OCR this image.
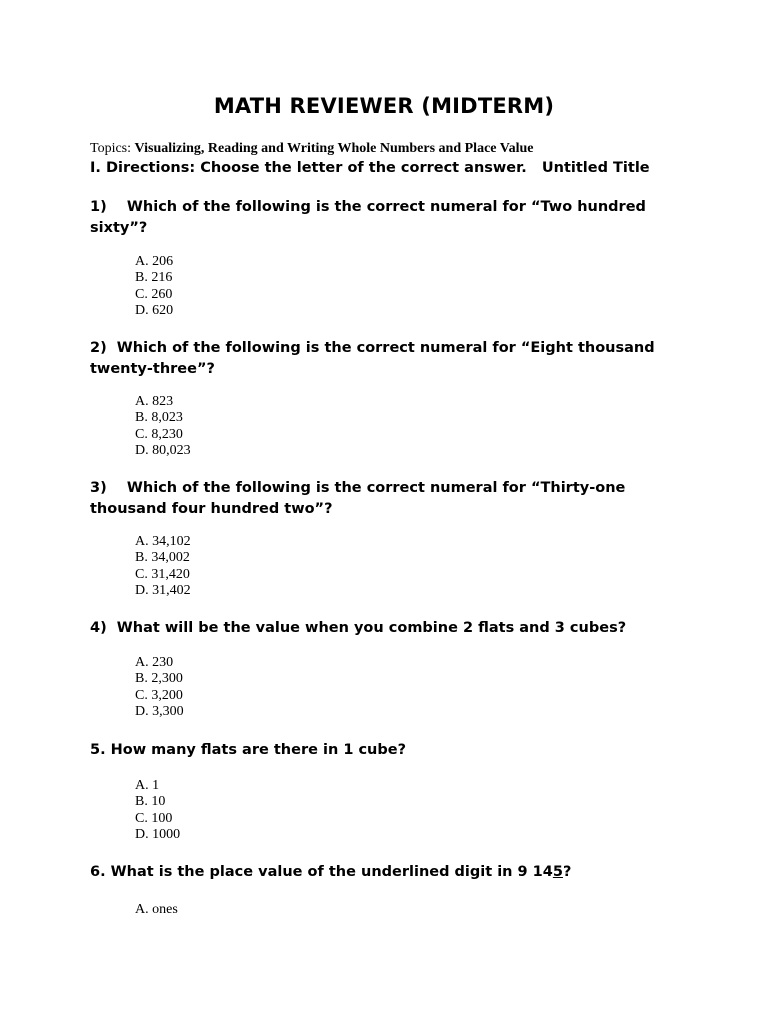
MATH REVIEWER (MIDTERM)
Topics: Visualizing, Reading and Writing Whole Numbers and Place Value
I. Directions: Choose the letter of the correct answer.   Untitled Title
1)    Which of the following is the correct numeral for “Two hundred sixty”?
A. 206
B. 216
C. 260
D. 620
2)  Which of the following is the correct numeral for “Eight thousand twenty-three”?
A. 823
B. 8,023
C. 8,230
D. 80,023
3)    Which of the following is the correct numeral for “Thirty-one thousand four hundred two”?
A. 34,102
B. 34,002
C. 31,420
D. 31,402
4)  What will be the value when you combine 2 flats and 3 cubes?
A. 230
B. 2,300
C. 3,200
D. 3,300
5. How many flats are there in 1 cube?
A. 1
B. 10
C. 100
D. 1000
6. What is the place value of the underlined digit in 9 145?
A. ones
